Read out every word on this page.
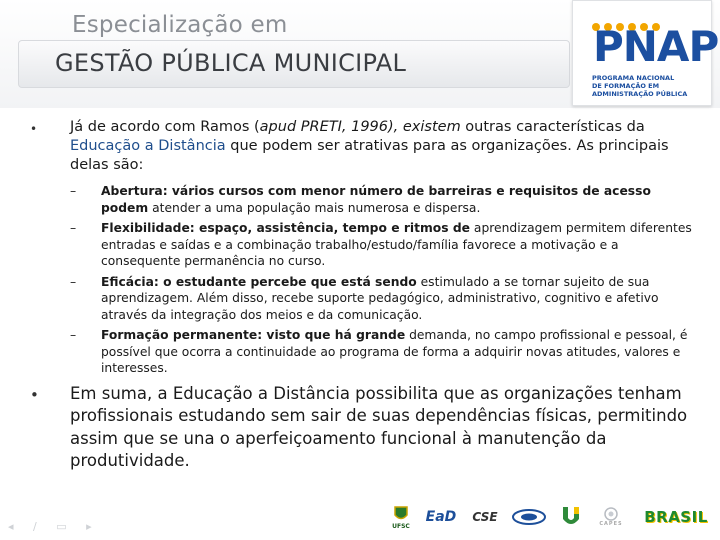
Especialização em
GESTÃO PÚBLICA MUNICIPAL	PNAP
PROGRAMA NACIONAL
DE FORMAÇÃO EM
ADMINISTRAÇÃO PÚBLICA
• Já de acordo com Ramos (apud PRETI, 1996), existem outras características da Educação a Distância que podem ser atrativas para as organizações. As principais delas são:
– Abertura: vários cursos com menor número de barreiras e requisitos de acesso podem atender a uma população mais numerosa e dispersa.
– Flexibilidade: espaço, assistência, tempo e ritmos de aprendizagem permitem diferentes entradas e saídas e a combinação trabalho/estudo/família favorece a motivação e a consequente permanência no curso.
– Eficácia: o estudante percebe que está sendo estimulado a se tornar sujeito de sua aprendizagem. Além disso, recebe suporte pedagógico, administrativo, cognitivo e afetivo através da integração dos meios e da comunicação.
– Formação permanente: visto que há grande demanda, no campo profissional e pessoal, é possível que ocorra a continuidade ao programa de forma a adquirir novas atitudes, valores e interesses.
• Em suma, a Educação a Distância possibilita que as organizações tenham profissionais estudando sem sair de suas dependências físicas, permitindo assim que se una o aperfeiçoamento funcional à manutenção da produtividade.
◂ ∕ ▭ ▸	UFSC
EaD CSE	CAPES BRASIL
